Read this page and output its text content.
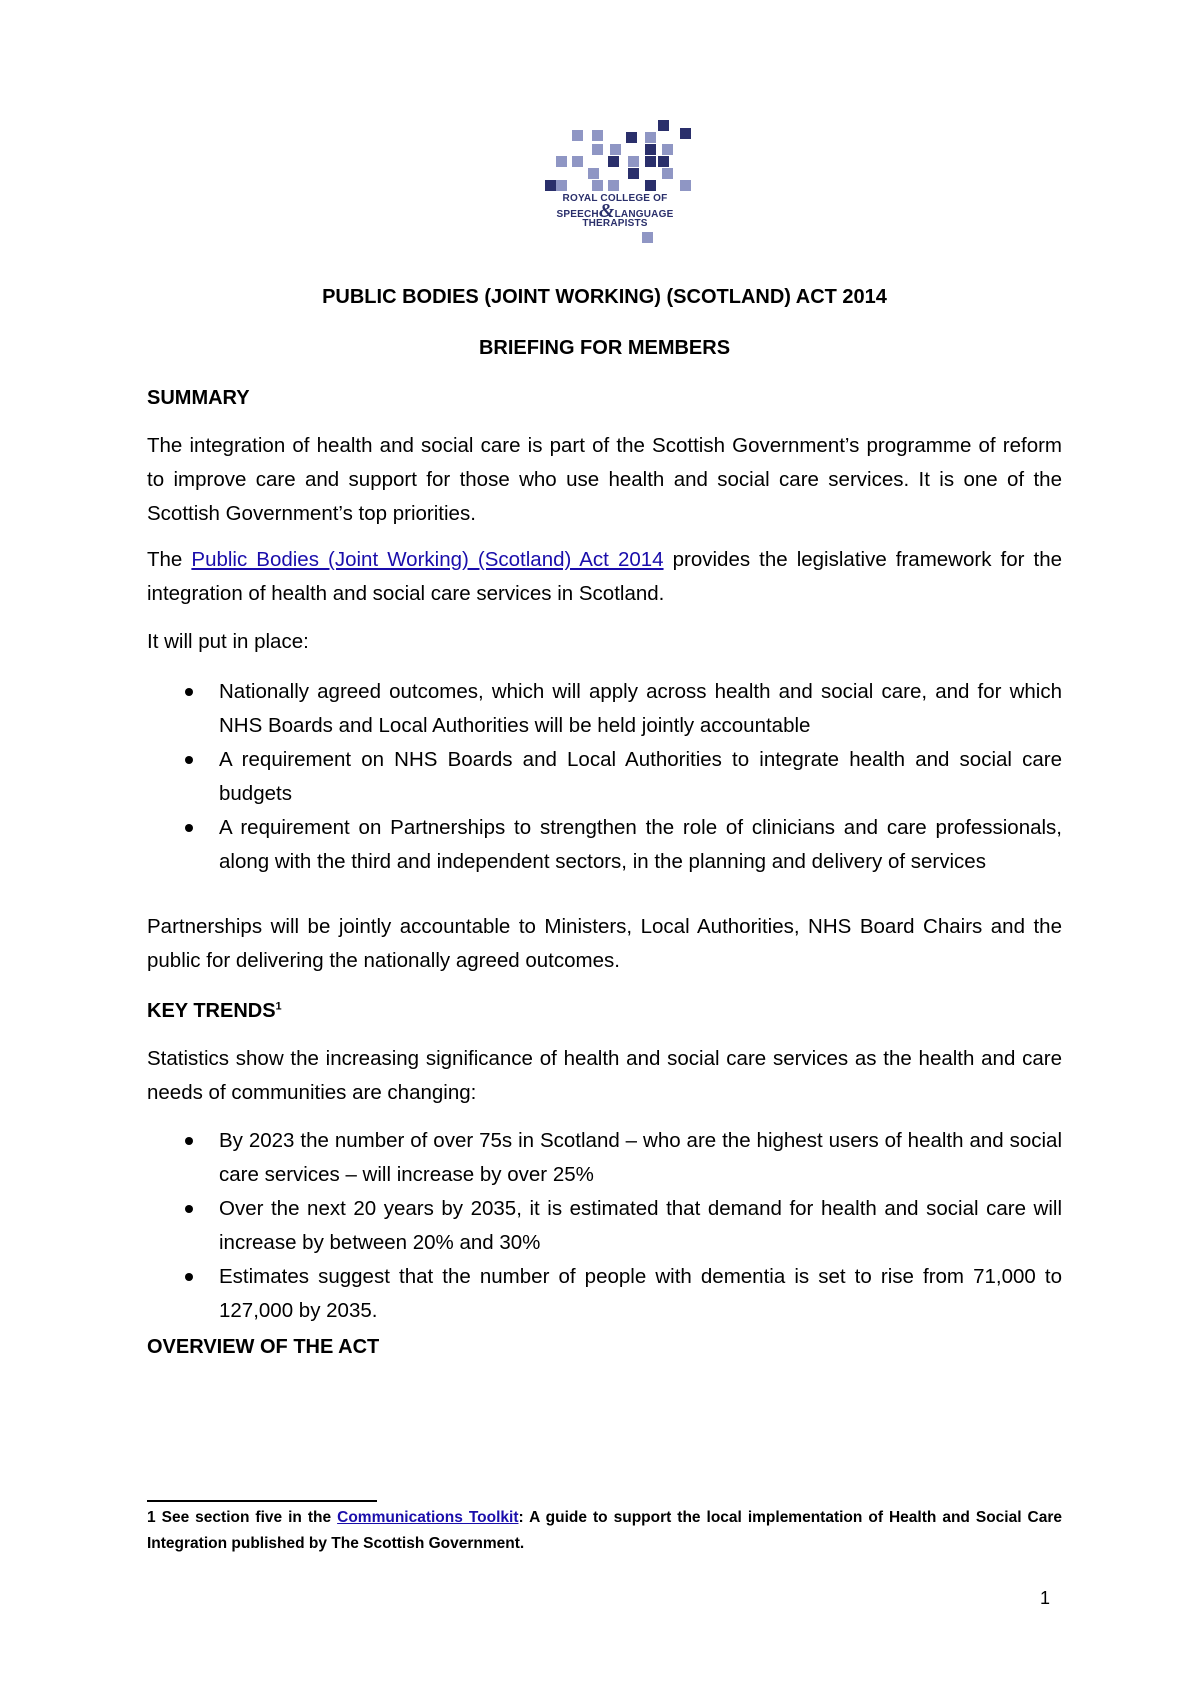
ROYAL COLLEGE OF
SPEECH&LANGUAGE
THERAPISTS
PUBLIC BODIES (JOINT WORKING) (SCOTLAND) ACT 2014
BRIEFING FOR MEMBERS
SUMMARY
The integration of health and social care is part of the Scottish Government’s programme of reform to improve care and support for those who use health and social care services. It is one of the Scottish Government’s top priorities.
The Public Bodies (Joint Working) (Scotland) Act 2014 provides the legislative framework for the integration of health and social care services in Scotland.
It will put in place:
Nationally agreed outcomes, which will apply across health and social care, and for which NHS Boards and Local Authorities will be held jointly accountable
A requirement on NHS Boards and Local Authorities to integrate health and social care budgets
A requirement on Partnerships to strengthen the role of clinicians and care professionals, along with the third and independent sectors, in the planning and delivery of services
Partnerships will be jointly accountable to Ministers, Local Authorities, NHS Board Chairs and the public for delivering the nationally agreed outcomes.
KEY TRENDS$^1$
Statistics show the increasing significance of health and social care services as the health and care needs of communities are changing:
By 2023 the number of over 75s in Scotland – who are the highest users of health and social care services – will increase by over 25%
Over the next 20 years by 2035, it is estimated that demand for health and social care will increase by between 20% and 30%
Estimates suggest that the number of people with dementia is set to rise from 71,000 to 127,000 by 2035.
OVERVIEW OF THE ACT
1 See section five in the Communications Toolkit: A guide to support the local implementation of Health and Social Care Integration published by The Scottish Government.
1
